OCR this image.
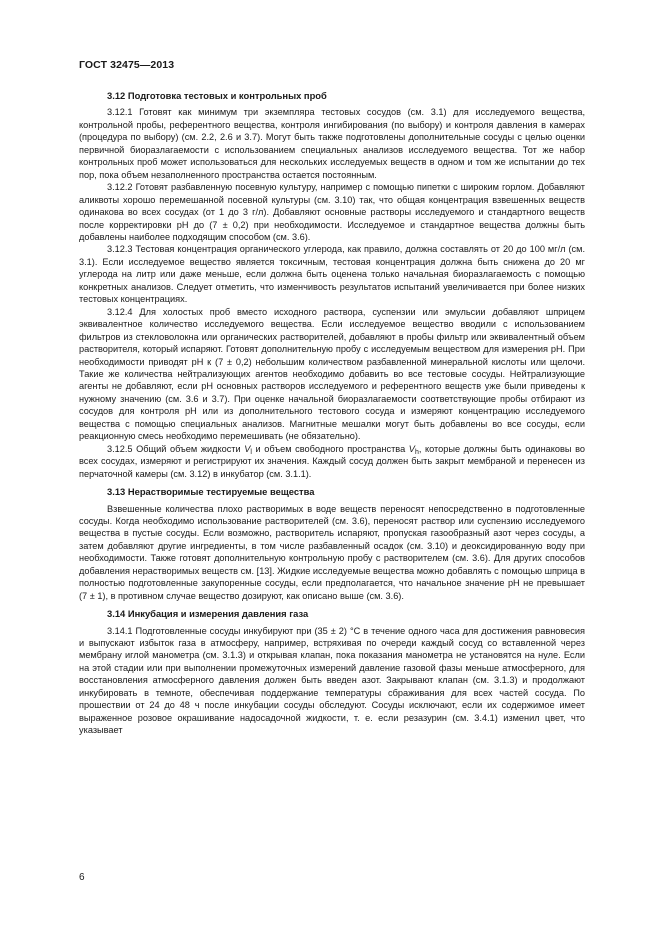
ГОСТ 32475—2013
3.12 Подготовка тестовых и контрольных проб

3.12.1 Готовят как минимум три экземпляра тестовых сосудов (см. 3.1) для исследуемого вещества, контрольной пробы, референтного вещества, контроля ингибирования (по выбору) и контроля давления в камерах (процедура по выбору) (см. 2.2, 2.6 и 3.7). Могут быть также подготовлены дополнительные сосуды с целью оценки первичной биоразлагаемости с использованием специальных анализов исследуемого вещества. Тот же набор контрольных проб может использоваться для нескольких исследуемых веществ в одном и том же испытании до тех пор, пока объем незаполненного пространства остается постоянным.

3.12.2 Готовят разбавленную посевную культуру, например с помощью пипетки с широким горлом. Добавляют аликвоты хорошо перемешанной посевной культуры (см. 3.10) так, что общая концентрация взвешенных веществ одинакова во всех сосудах (от 1 до 3 г/л). Добавляют основные растворы исследуемого и стандартного веществ после корректировки pH до (7 ± 0,2) при необходимости. Исследуемое и стандартное вещества должны быть добавлены наиболее подходящим способом (см. 3.6).

3.12.3 Тестовая концентрация органического углерода, как правило, должна составлять от 20 до 100 мг/л (см. 3.1). Если исследуемое вещество является токсичным, тестовая концентрация должна быть снижена до 20 мг углерода на литр или даже меньше, если должна быть оценена только начальная биоразлагаемость с помощью конкретных анализов. Следует отметить, что изменчивость результатов испытаний увеличивается при более низких тестовых концентрациях.

3.12.4 Для холостых проб вместо исходного раствора, суспензии или эмульсии добавляют шприцем эквивалентное количество исследуемого вещества. Если исследуемое вещество вводили с использованием фильтров из стекловолокна или органических растворителей, добавляют в пробы фильтр или эквивалентный объем растворителя, который испаряют. Готовят дополнительную пробу с исследуемым веществом для измерения pH. При необходимости приводят pH к (7 ± 0,2) небольшим количеством разбавленной минеральной кислоты или щелочи. Такие же количества нейтрализующих агентов необходимо добавить во все тестовые сосуды. Нейтрализующие агенты не добавляют, если pH основных растворов исследуемого и референтного веществ уже были приведены к нужному значению (см. 3.6 и 3.7). При оценке начальной биоразлагаемости соответствующие пробы отбирают из сосудов для контроля pH или из дополнительного тестового сосуда и измеряют концентрацию исследуемого вещества с помощью специальных анализов. Магнитные мешалки могут быть добавлены во все сосуды, если реакционную смесь необходимо перемешивать (не обязательно).

3.12.5 Общий объем жидкости $V_l$ и объем свободного пространства $V_h$, которые должны быть одинаковы во всех сосудах, измеряют и регистрируют их значения. Каждый сосуд должен быть закрыт мембраной и перенесен из перчаточной камеры (см. 3.12) в инкубатор (см. 3.1.1).

3.13 Нерастворимые тестируемые вещества

Взвешенные количества плохо растворимых в воде веществ переносят непосредственно в подготовленные сосуды. Когда необходимо использование растворителей (см. 3.6), переносят раствор или суспензию исследуемого вещества в пустые сосуды. Если возможно, растворитель испаряют, пропуская газообразный азот через сосуды, а затем добавляют другие ингредиенты, в том числе разбавленный осадок (см. 3.10) и деоксидированную воду при необходимости. Также готовят дополнительную контрольную пробу с растворителем (см. 3.6). Для других способов добавления нерастворимых веществ см. [13]. Жидкие исследуемые вещества можно добавлять с помощью шприца в полностью подготовленные закупоренные сосуды, если предполагается, что начальное значение pH не превышает (7 ± 1), в противном случае вещество дозируют, как описано выше (см. 3.6).

3.14 Инкубация и измерения давления газа

3.14.1 Подготовленные сосуды инкубируют при (35 ± 2) °С в течение одного часа для достижения равновесия и выпускают избыток газа в атмосферу, например, встряхивая по очереди каждый сосуд со вставленной через мембрану иглой манометра (см. 3.1.3) и открывая клапан, пока показания манометра не установятся на нуле. Если на этой стадии или при выполнении промежуточных измерений давление газовой фазы меньше атмосферного, для восстановления атмосферного давления должен быть введен азот. Закрывают клапан (см. 3.1.3) и продолжают инкубировать в темноте, обеспечивая поддержание температуры сбраживания для всех частей сосуда. По прошествии от 24 до 48 ч после инкубации сосуды обследуют. Сосуды исключают, если их содержимое имеет выраженное розовое окрашивание надосадочной жидкости, т. е. если резазурин (см. 3.4.1) изменил цвет, что указывает

6
